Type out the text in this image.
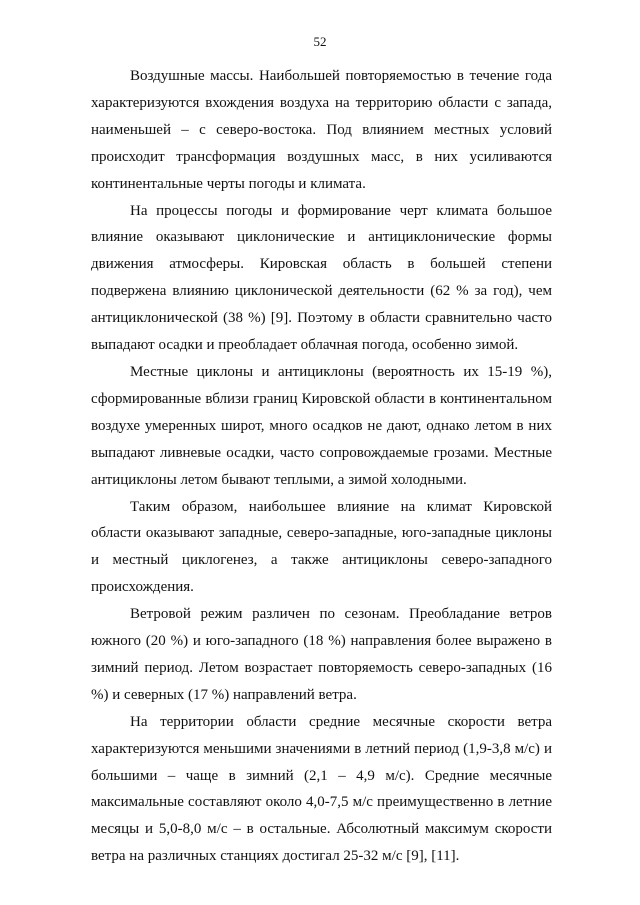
52

Воздушные массы. Наибольшей повторяемостью в течение года характеризуются вхождения воздуха на территорию области с запада, наименьшей – с северо-востока. Под влиянием местных условий происходит трансформация воздушных масс, в них усиливаются континентальные черты погоды и климата.

На процессы погоды и формирование черт климата большое влияние оказывают циклонические и антициклонические формы движения атмосферы. Кировская область в большей степени подвержена влиянию циклонической деятельности (62 % за год), чем антициклонической (38 %) [9]. Поэтому в области сравнительно часто выпадают осадки и преобладает облачная погода, особенно зимой.

Местные циклоны и антициклоны (вероятность их 15-19 %), сформированные вблизи границ Кировской области в континентальном воздухе умеренных широт, много осадков не дают, однако летом в них выпадают ливневые осадки, часто сопровождаемые грозами. Местные антициклоны летом бывают теплыми, а зимой холодными.

Таким образом, наибольшее влияние на климат Кировской области оказывают западные, северо-западные, юго-западные циклоны и местный циклогенез, а также антициклоны северо-западного происхождения.

Ветровой режим различен по сезонам. Преобладание ветров южного (20 %) и юго-западного (18 %) направления более выражено в зимний период. Летом возрастает повторяемость северо-западных (16 %) и северных (17 %) направлений ветра.

На территории области средние месячные скорости ветра характеризуются меньшими значениями в летний период (1,9-3,8 м/с) и большими – чаще в зимний (2,1 – 4,9 м/с). Средние месячные максимальные составляют около 4,0-7,5 м/с преимущественно в летние месяцы и 5,0-8,0 м/с – в остальные. Абсолютный максимум скорости ветра на различных станциях достигал 25-32 м/с [9], [11].
